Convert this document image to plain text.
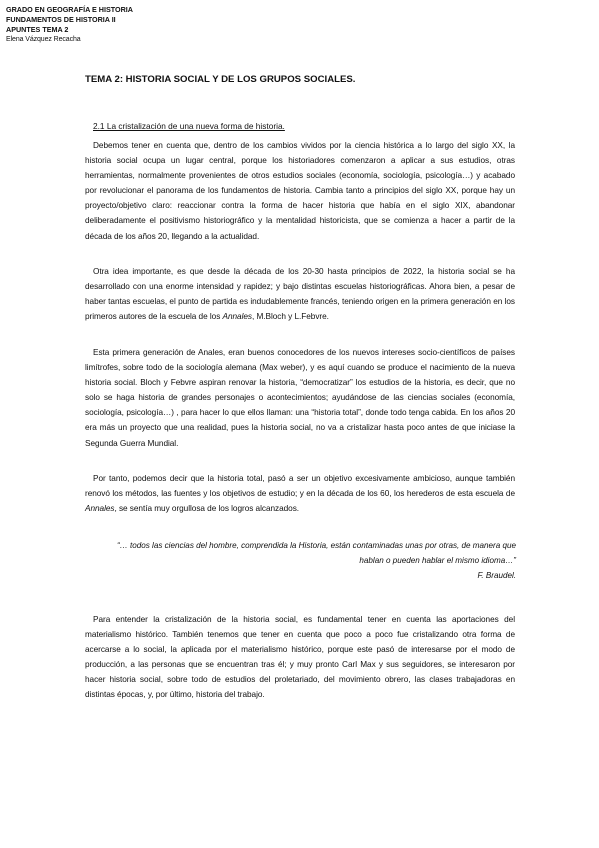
GRADO EN GEOGRAFÍA E HISTORIA
FUNDAMENTOS DE HISTORIA II
APUNTES TEMA 2
Elena Vázquez Recacha
TEMA 2: HISTORIA SOCIAL Y DE LOS GRUPOS SOCIALES.
2.1 La cristalización de una nueva forma de historia.

Debemos tener en cuenta que, dentro de los cambios vividos por la ciencia histórica a lo largo del siglo XX, la historia social ocupa un lugar central, porque los historiadores comenzaron a aplicar a sus estudios, otras herramientas, normalmente provenientes de otros estudios sociales (economía, sociología, psicología…) y acabado por revolucionar el panorama de los fundamentos de historia. Cambia tanto a principios del siglo XX, porque hay un proyecto/objetivo claro: reaccionar contra la forma de hacer historia que había en el siglo XIX, abandonar deliberadamente el positivismo historiográfico y la mentalidad historicista, que se comienza a hacer a partir de la década de los años 20, llegando a la actualidad.

Otra idea importante, es que desde la década de los 20-30 hasta principios de 2022, la historia social se ha desarrollado con una enorme intensidad y rapidez; y bajo distintas escuelas historiográficas. Ahora bien, a pesar de haber tantas escuelas, el punto de partida es indudablemente francés, teniendo origen en la primera generación en los primeros autores de la escuela de los Annales, M.Bloch y L.Febvre.

Esta primera generación de Anales, eran buenos conocedores de los nuevos intereses socio-científicos de países limítrofes, sobre todo de la sociología alemana (Max weber), y es aquí cuando se produce el nacimiento de la nueva historia social. Bloch y Febvre aspiran renovar la historia, “democratizar” los estudios de la historia, es decir, que no solo se haga historia de grandes personajes o acontecimientos; ayudándose de las ciencias sociales (economía, sociología, psicología…) , para hacer lo que ellos llaman: una “historia total”, donde todo tenga cabida. En los años 20 era más un proyecto que una realidad, pues la historia social, no va a cristalizar hasta poco antes de que iniciase la Segunda Guerra Mundial.

Por tanto, podemos decir que la historia total, pasó a ser un objetivo excesivamente ambicioso, aunque también renovó los métodos, las fuentes y los objetivos de estudio; y en la década de los 60, los herederos de esta escuela de Annales, se sentía muy orgullosa de los logros alcanzados.

“… todos las ciencias del hombre, comprendida la Historia, están contaminadas unas por otras, de manera que hablan o pueden hablar el mismo idioma…”
F. Braudel.

Para entender la cristalización de la historia social, es fundamental tener en cuenta las aportaciones del materialismo histórico. También tenemos que tener en cuenta que poco a poco fue cristalizando otra forma de acercarse a lo social, la aplicada por el materialismo histórico, porque este pasó de interesarse por el modo de producción, a las personas que se encuentran tras él; y muy pronto Carl Max y sus seguidores, se interesaron por hacer historia social, sobre todo de estudios del proletariado, del movimiento obrero, las clases trabajadoras en distintas épocas, y, por último, historia del trabajo.
